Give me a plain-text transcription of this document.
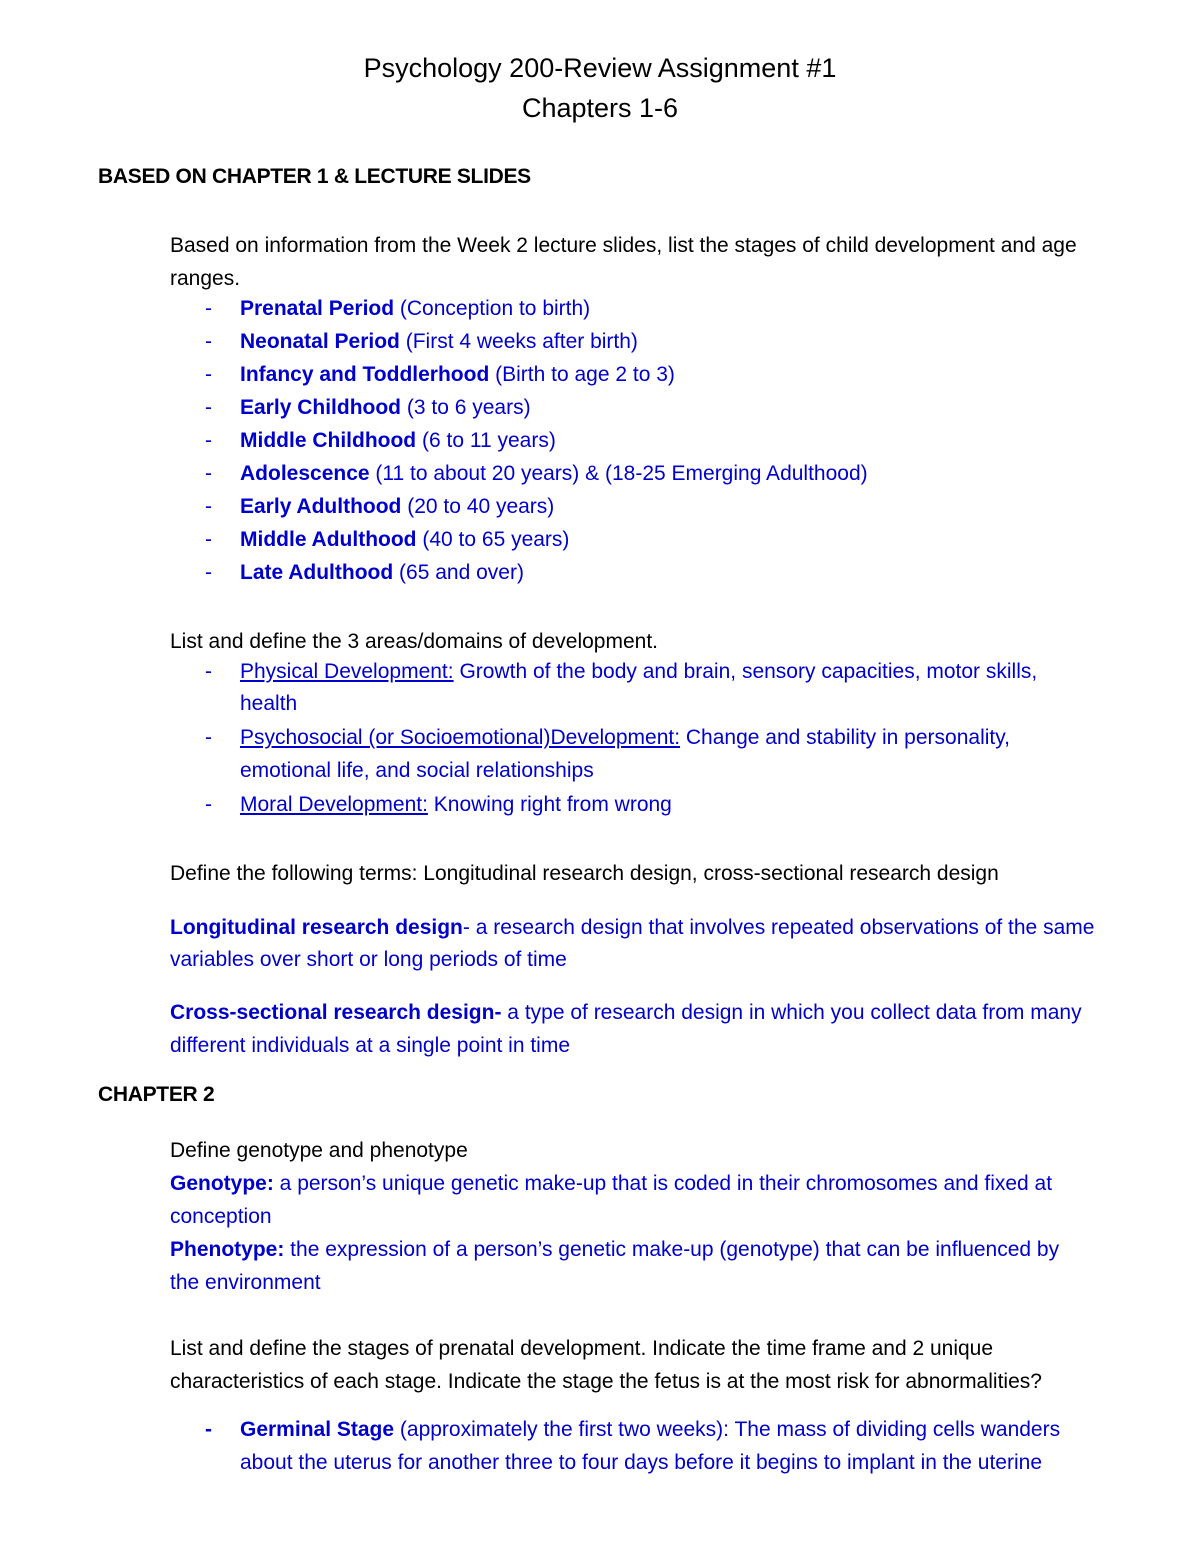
Psychology 200-Review Assignment #1
Chapters 1-6
BASED ON CHAPTER 1 & LECTURE SLIDES
Based on information from the Week 2 lecture slides, list the stages of child development and age
ranges.
- Prenatal Period (Conception to birth)
- Neonatal Period (First 4 weeks after birth)
- Infancy and Toddlerhood (Birth to age 2 to 3)
- Early Childhood (3 to 6 years)
- Middle Childhood (6 to 11 years)
- Adolescence (11 to about 20 years) & (18-25 Emerging Adulthood)
- Early Adulthood (20 to 40 years)
- Middle Adulthood (40 to 65 years)
- Late Adulthood (65 and over)
List and define the 3 areas/domains of development.
- Physical Development: Growth of the body and brain, sensory capacities, motor skills,
health
- Psychosocial (or Socioemotional)Development: Change and stability in personality,
emotional life, and social relationships
- Moral Development: Knowing right from wrong
Define the following terms: Longitudinal research design, cross-sectional research design
Longitudinal research design- a research design that involves repeated observations of the same
variables over short or long periods of time
Cross-sectional research design- a type of research design in which you collect data from many
different individuals at a single point in time
CHAPTER 2
Define genotype and phenotype
Genotype: a person’s unique genetic make-up that is coded in their chromosomes and fixed at
conception
Phenotype: the expression of a person’s genetic make-up (genotype) that can be influenced by
the environment
List and define the stages of prenatal development. Indicate the time frame and 2 unique
characteristics of each stage. Indicate the stage the fetus is at the most risk for abnormalities?
- Germinal Stage (approximately the first two weeks): The mass of dividing cells wanders
about the uterus for another three to four days before it begins to implant in the uterine
